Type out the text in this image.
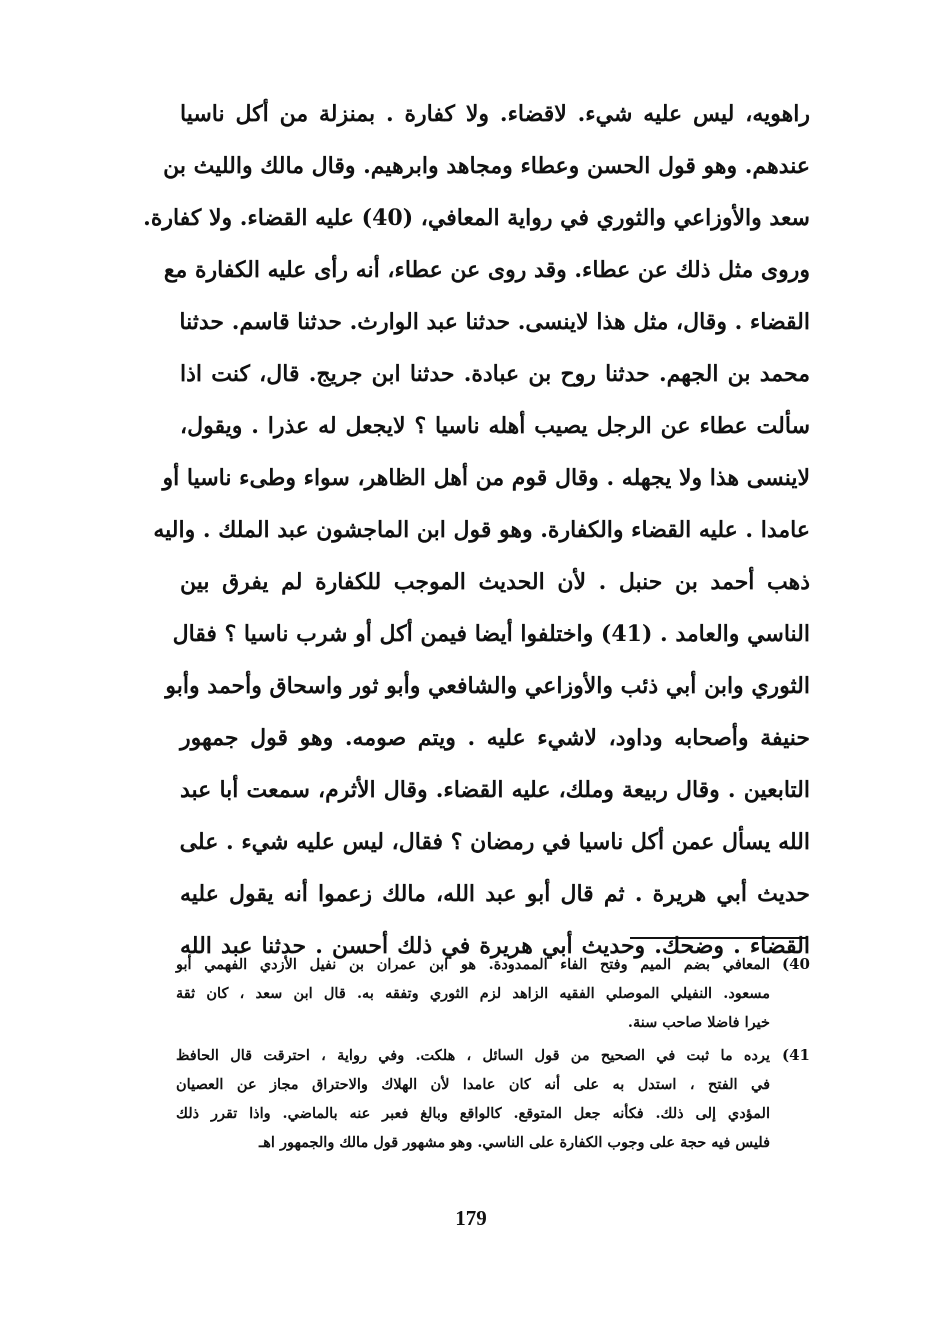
راهويه، ليس عليه شيء. لاقضاء. ولا كفارة . بمنزلة من أكل ناسيا
عندهم. وهو قول الحسن وعطاء ومجاهد وابرهيم. وقال مالك والليث بن
سعد والأوزاعي والثوري في رواية المعافي، (40) عليه القضاء. ولا كفارة.
وروى مثل ذلك عن عطاء. وقد روى عن عطاء، أنه رأى عليه الكفارة مع
القضاء . وقال، مثل هذا لاينسى. حدثنا عبد الوارث. حدثنا قاسم. حدثنا
محمد بن الجهم. حدثنا روح بن عبادة. حدثنا ابن جريج. قال، كنت اذا
سألت عطاء عن الرجل يصيب أهله ناسيا ؟ لايجعل له عذرا . ويقول،
لاينسى هذا ولا يجهله . وقال قوم من أهل الظاهر، سواء وطىء ناسيا أو
عامدا . عليه القضاء والكفارة. وهو قول ابن الماجشون عبد الملك . واليه
ذهب أحمد بن حنبل . لأن الحديث الموجب للكفارة لم يفرق بين
الناسي والعامد . (41) واختلفوا أيضا فيمن أكل أو شرب ناسيا ؟ فقال
الثوري وابن أبي ذئب والأوزاعي والشافعي وأبو ثور واسحاق وأحمد وأبو
حنيفة وأصحابه وداود، لاشيء عليه . ويتم صومه. وهو قول جمهور
التابعين . وقال ربيعة وملك، عليه القضاء. وقال الأثرم، سمعت أبا عبد
الله يسأل عمن أكل ناسيا في رمضان ؟ فقال، ليس عليه شيء . على
حديث أبي هريرة . ثم قال أبو عبد الله، مالك زعموا أنه يقول عليه
القضاء . وضحك. وحديث أبي هريرة في ذلك أحسن . حدثنا عبد الله
(40
المعافي بضم الميم وفتح الفاء الممدودة. هو ابن عمران بن نفيل الأزدي الفهمي أبو
مسعود. النفيلي الموصلي الفقيه الزاهد لزم الثوري وتفقه به. قال ابن سعد ، كان ثقة
خيرا فاضلا صاحب سنة.
(41
يرده ما ثبت في الصحيح من قول السائل ، هلكت. وفي رواية ، احترقت قال الحافظ
في الفتح ، استدل به على أنه كان عامدا لأن الهلاك والاحتراق مجاز عن العصيان
المؤدي إلى ذلك. فكأنه جعل المتوقع. كالواقع وبالغ فعبر عنه بالماضي. واذا تقرر ذلك
فليس فيه حجة على وجوب الكفارة على الناسي. وهو مشهور قول مالك والجمهور اهـ
179
